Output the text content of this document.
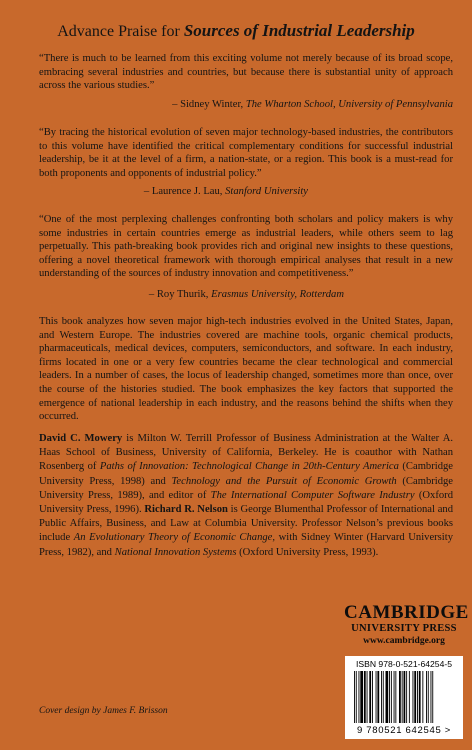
Advance Praise for Sources of Industrial Leadership

“There is much to be learned from this exciting volume not merely because of its broad scope, embracing several industries and countries, but because there is substantial unity of approach across the various studies.”

– Sidney Winter, The Wharton School, University of Pennsylvania

“By tracing the historical evolution of seven major technology-based industries, the contributors to this volume have identified the critical complementary conditions for successful industrial leadership, be it at the level of a firm, a nation-state, or a region. This book is a must-read for both proponents and opponents of industrial policy.”

– Laurence J. Lau, Stanford University

“One of the most perplexing challenges confronting both scholars and policy makers is why some industries in certain countries emerge as industrial leaders, while others seem to lag perpetually. This path-breaking book provides rich and original new insights to these questions, offering a novel theoretical framework with thorough empirical analyses that result in a new understanding of the sources of industry innovation and competitiveness.”

– Roy Thurik, Erasmus University, Rotterdam

This book analyzes how seven major high-tech industries evolved in the United States, Japan, and Western Europe. The industries covered are machine tools, organic chemical products, pharmaceuticals, medical devices, computers, semiconductors, and software. In each industry, firms located in one or a very few countries became the clear technological and commercial leaders. In a number of cases, the locus of leadership changed, sometimes more than once, over the course of the histories studied. The book emphasizes the key factors that supported the emergence of national leadership in each industry, and the reasons behind the shifts when they occurred.

David C. Mowery is Milton W. Terrill Professor of Business Administration at the Walter A. Haas School of Business, University of California, Berkeley. He is coauthor with Nathan Rosenberg of Paths of Innovation: Technological Change in 20th-Century America (Cambridge University Press, 1998) and Technology and the Pursuit of Economic Growth (Cambridge University Press, 1989), and editor of The International Computer Software Industry (Oxford University Press, 1996). Richard R. Nelson is George Blumenthal Professor of International and Public Affairs, Business, and Law at Columbia University. Professor Nelson’s previous books include An Evolutionary Theory of Economic Change, with Sidney Winter (Harvard University Press, 1982), and National Innovation Systems (Oxford University Press, 1993).
CAMBRIDGE
UNIVERSITY PRESS
www.cambridge.org
ISBN 978-0-521-64254-5
9 780521 642545 >
Cover design by James F. Brisson
